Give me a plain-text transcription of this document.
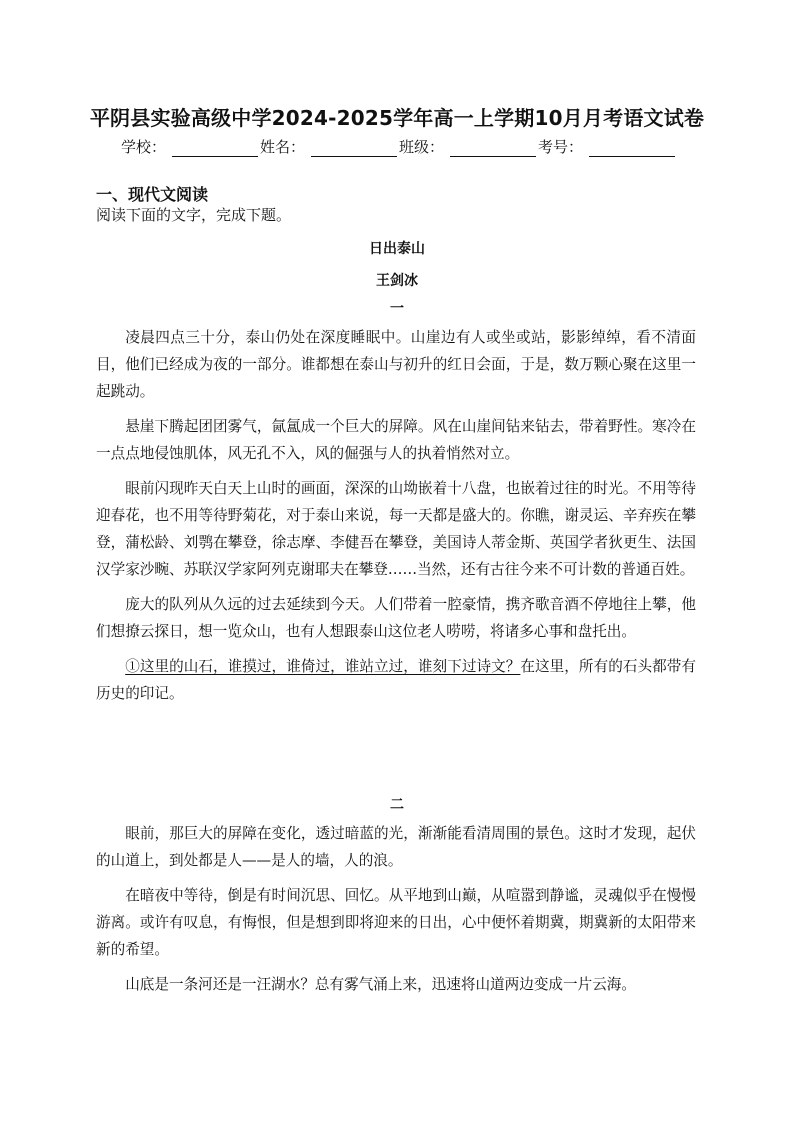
平阴县实验高级中学2024-2025学年高一上学期10月月考语文试卷
学校：	姓名：	班级：	考号：
一、现代文阅读
阅读下面的文字，完成下题。
日出泰山
王剑冰
一

凌晨四点三十分，泰山仍处在深度睡眠中。山崖边有人或坐或站，影影绰绰，看不清面目，他们已经成为夜的一部分。谁都想在泰山与初升的红日会面，于是，数万颗心聚在这里一起跳动。

悬崖下腾起团团雾气，氤氲成一个巨大的屏障。风在山崖间钻来钻去，带着野性。寒冷在一点点地侵蚀肌体，风无孔不入，风的倔强与人的执着悄然对立。

眼前闪现昨天白天上山时的画面，深深的山坳嵌着十八盘，也嵌着过往的时光。不用等待迎春花，也不用等待野菊花，对于泰山来说，每一天都是盛大的。你瞧，谢灵运、辛弃疾在攀登，蒲松龄、刘鹗在攀登，徐志摩、李健吾在攀登，美国诗人蒂金斯、英国学者狄更生、法国汉学家沙畹、苏联汉学家阿列克谢耶夫在攀登……当然，还有古往今来不可计数的普通百姓。

庞大的队列从久远的过去延续到今天。人们带着一腔豪情，携齐歌音酒不停地往上攀，他们想撩云探日，想一览众山，也有人想跟泰山这位老人唠唠，将诸多心事和盘托出。

①这里的山石，谁摸过，谁倚过，谁站立过，谁刻下过诗文？在这里，所有的石头都带有历史的印记。

二

眼前，那巨大的屏障在变化，透过暗蓝的光，渐渐能看清周围的景色。这时才发现，起伏的山道上，到处都是人——是人的墙，人的浪。

在暗夜中等待，倒是有时间沉思、回忆。从平地到山巅，从喧嚣到静谧，灵魂似乎在慢慢游离。或许有叹息，有悔恨，但是想到即将迎来的日出，心中便怀着期冀，期冀新的太阳带来新的希望。

山底是一条河还是一汪湖水？总有雾气涌上来，迅速将山道两边变成一片云海。
